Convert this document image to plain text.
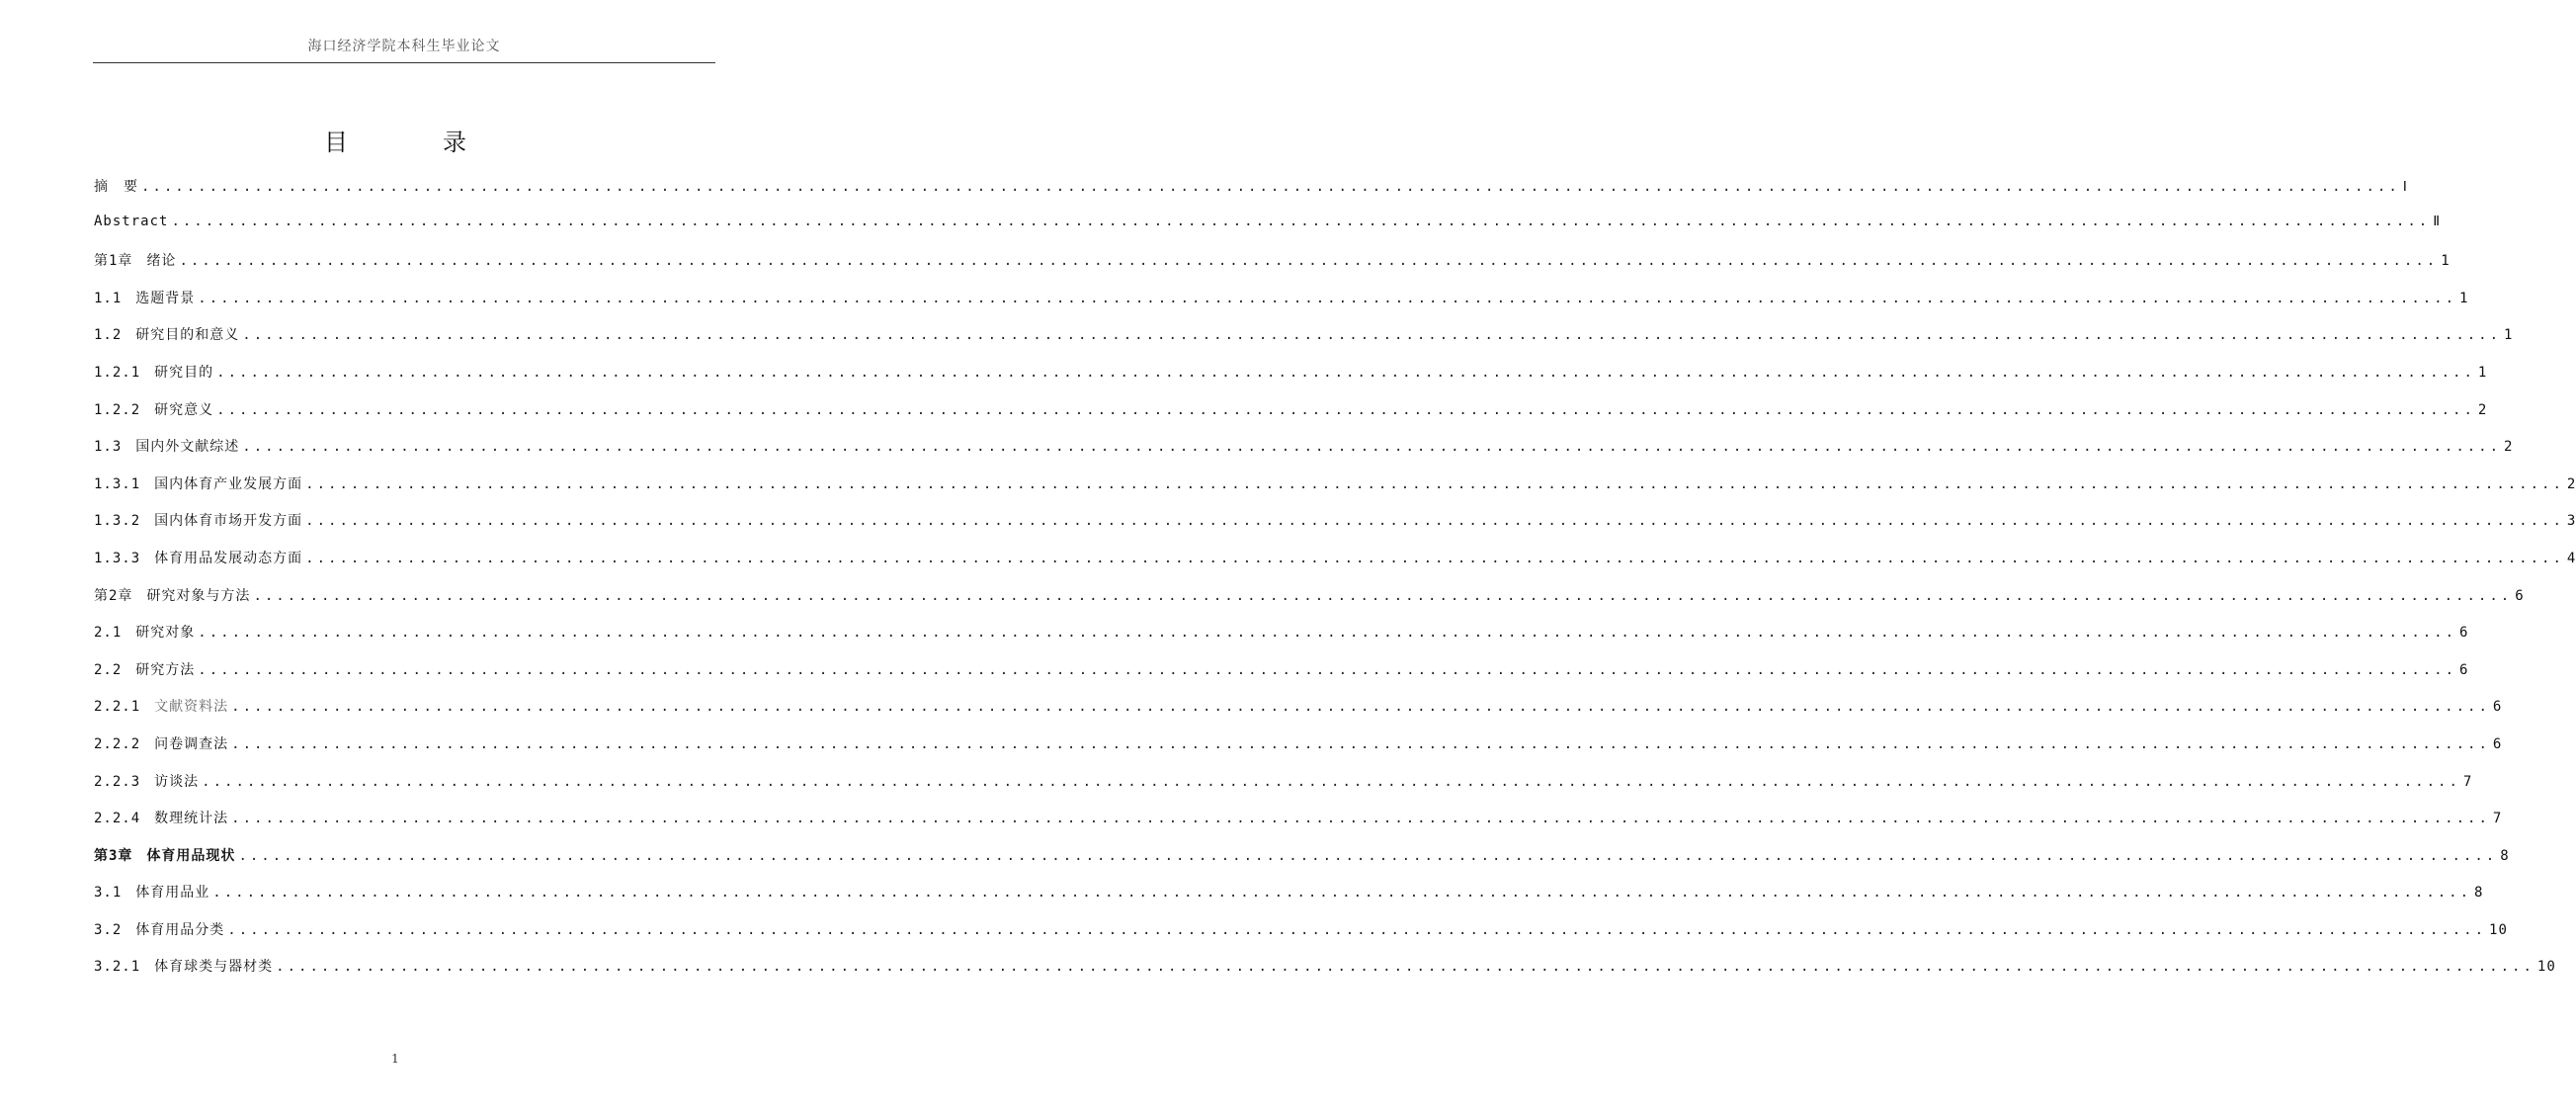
海口经济学院本科生毕业论文
目　录
摘　要 ........................................................................................................................................................................................................ Ⅰ
Abstract ........................................................................................................................................................................................................ Ⅱ
第1章 绪论 ........................................................................................................................................................................................................ 1
1.1 选题背景 ........................................................................................................................................................................................................ 1
1.2 研究目的和意义 ........................................................................................................................................................................................................ 1
1.2.1 研究目的 ........................................................................................................................................................................................................ 1
1.2.2 研究意义 ........................................................................................................................................................................................................ 2
1.3 国内外文献综述 ........................................................................................................................................................................................................ 2
1.3.1 国内体育产业发展方面 ........................................................................................................................................................................................................ 2
1.3.2 国内体育市场开发方面 ........................................................................................................................................................................................................ 3
1.3.3 体育用品发展动态方面 ........................................................................................................................................................................................................ 4
第2章 研究对象与方法 ........................................................................................................................................................................................................ 6
2.1 研究对象 ........................................................................................................................................................................................................ 6
2.2 研究方法 ........................................................................................................................................................................................................ 6
2.2.1 文献资料法 ........................................................................................................................................................................................................ 6
2.2.2 问卷调查法 ........................................................................................................................................................................................................ 6
2.2.3 访谈法 ........................................................................................................................................................................................................ 7
2.2.4 数理统计法 ........................................................................................................................................................................................................ 7
第3章 体育用品现状 ........................................................................................................................................................................................................ 8
3.1 体育用品业 ........................................................................................................................................................................................................ 8
3.2 体育用品分类 ........................................................................................................................................................................................................ 10
3.2.1 体育球类与器材类 ........................................................................................................................................................................................................ 10
1
